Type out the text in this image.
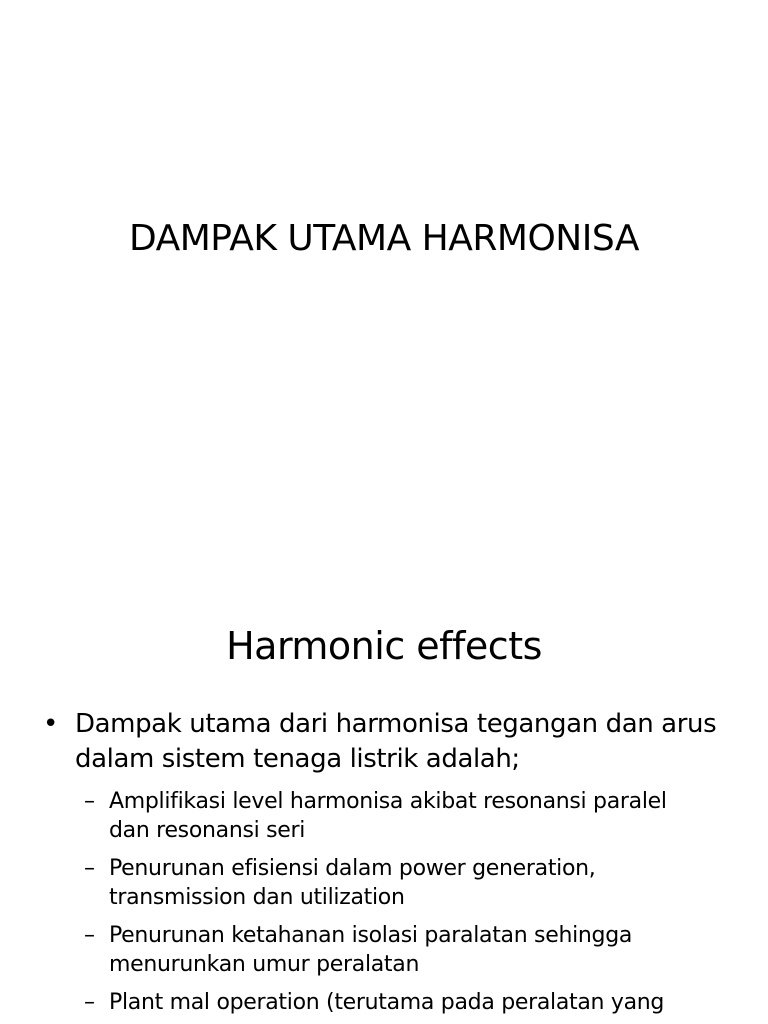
DAMPAK UTAMA HARMONISA
Harmonic effects
• Dampak utama dari harmonisa tegangan dan arus dalam sistem tenaga listrik adalah;
– Amplifikasi level harmonisa akibat resonansi paralel dan resonansi seri
– Penurunan efisiensi dalam power generation, transmission dan utilization
– Penurunan ketahanan isolasi paralatan sehingga menurunkan umur peralatan
– Plant mal operation (terutama pada peralatan yang
